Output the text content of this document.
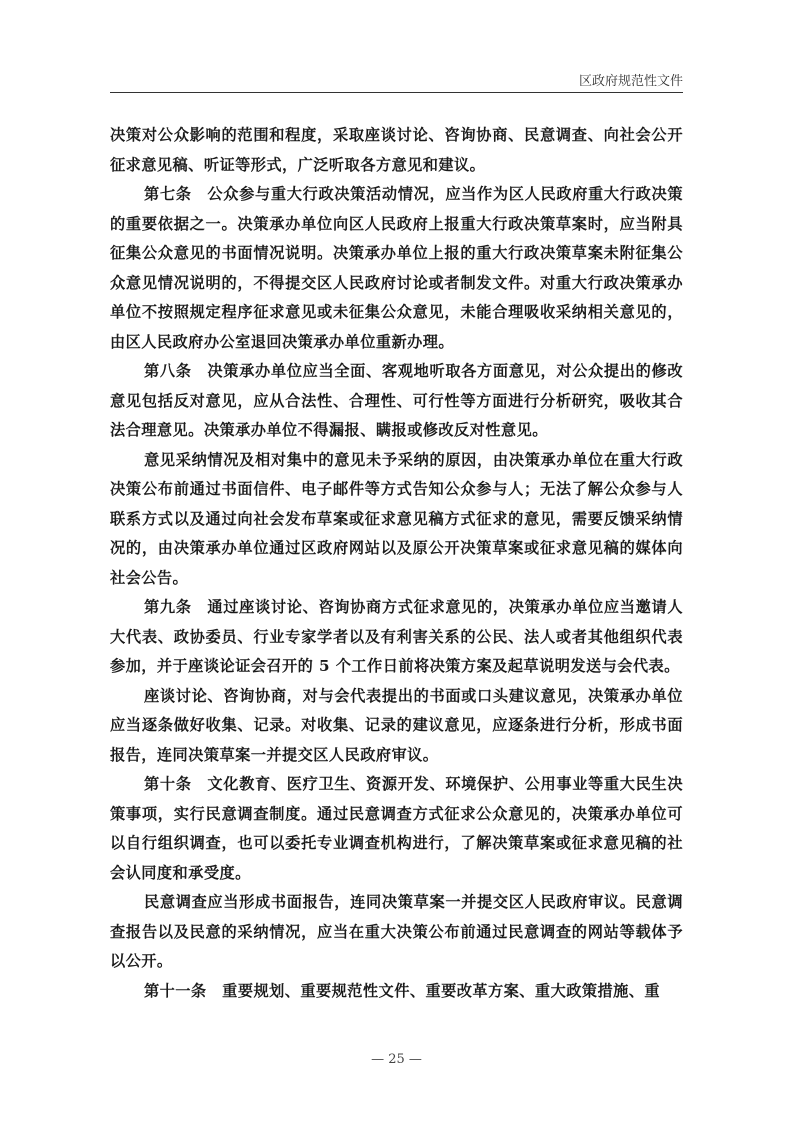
区政府规范性文件

决策对公众影响的范围和程度，采取座谈讨论、咨询协商、民意调查、向社会公开征求意见稿、听证等形式，广泛听取各方意见和建议。

第七条　公众参与重大行政决策活动情况，应当作为区人民政府重大行政决策的重要依据之一。决策承办单位向区人民政府上报重大行政决策草案时，应当附具征集公众意见的书面情况说明。决策承办单位上报的重大行政决策草案未附征集公众意见情况说明的，不得提交区人民政府讨论或者制发文件。对重大行政决策承办单位不按照规定程序征求意见或未征集公众意见，未能合理吸收采纳相关意见的，由区人民政府办公室退回决策承办单位重新办理。

第八条　决策承办单位应当全面、客观地听取各方面意见，对公众提出的修改意见包括反对意见，应从合法性、合理性、可行性等方面进行分析研究，吸收其合法合理意见。决策承办单位不得漏报、瞒报或修改反对性意见。

意见采纳情况及相对集中的意见未予采纳的原因，由决策承办单位在重大行政决策公布前通过书面信件、电子邮件等方式告知公众参与人；无法了解公众参与人联系方式以及通过向社会发布草案或征求意见稿方式征求的意见，需要反馈采纳情况的，由决策承办单位通过区政府网站以及原公开决策草案或征求意见稿的媒体向社会公告。

第九条　通过座谈讨论、咨询协商方式征求意见的，决策承办单位应当邀请人大代表、政协委员、行业专家学者以及有利害关系的公民、法人或者其他组织代表参加，并于座谈论证会召开的 5 个工作日前将决策方案及起草说明发送与会代表。

座谈讨论、咨询协商，对与会代表提出的书面或口头建议意见，决策承办单位应当逐条做好收集、记录。对收集、记录的建议意见，应逐条进行分析，形成书面报告，连同决策草案一并提交区人民政府审议。

第十条　文化教育、医疗卫生、资源开发、环境保护、公用事业等重大民生决策事项，实行民意调查制度。通过民意调查方式征求公众意见的，决策承办单位可以自行组织调查，也可以委托专业调查机构进行，了解决策草案或征求意见稿的社会认同度和承受度。

民意调查应当形成书面报告，连同决策草案一并提交区人民政府审议。民意调查报告以及民意的采纳情况，应当在重大决策公布前通过民意调查的网站等载体予以公开。

第十一条　重要规划、重要规范性文件、重要改革方案、重大政策措施、重

— 25 —
